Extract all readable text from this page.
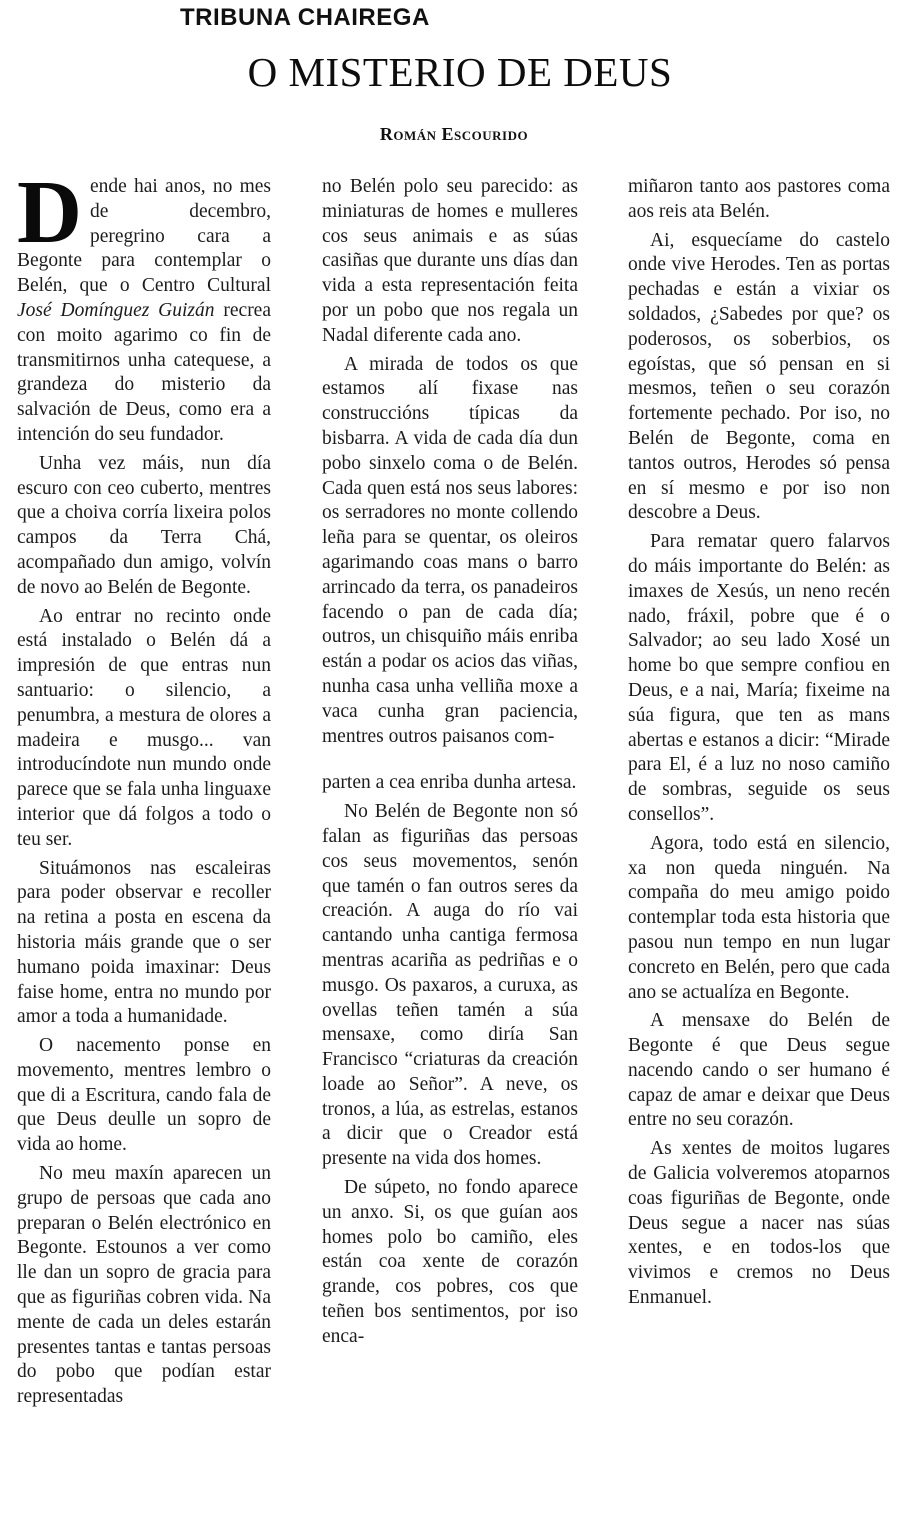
TRIBUNA CHAIREGA
O MISTERIO DE DEUS
Román Escourido

Dende hai anos, no mes de decembro, peregrino cara a Begonte para contemplar o Belén, que o Centro Cultural José Domínguez Guizán recrea con moito agarimo co fin de transmitirnos unha catequese, a grandeza do misterio da salvación de Deus, como era a intención do seu fundador.

Unha vez máis, nun día escuro con ceo cuberto, mentres que a choiva corría lixeira polos campos da Terra Chá, acompañado dun amigo, volvín de novo ao Belén de Begonte.

Ao entrar no recinto onde está instalado o Belén dá a impresión de que entras nun santuario: o silencio, a penumbra, a mestura de olores a madeira e musgo... van introducíndote nun mundo onde parece que se fala unha linguaxe interior que dá folgos a todo o teu ser.

Situámonos nas escaleiras para poder observar e recoller na retina a posta en escena da historia máis grande que o ser humano poida imaxinar: Deus faise home, entra no mundo por amor a toda a humanidade.

O nacemento ponse en movemento, mentres lembro o que di a Escritura, cando fala de que Deus deulle un sopro de vida ao home.

No meu maxín aparecen un grupo de persoas que cada ano preparan o Belén electrónico en Begonte. Estounos a ver como lle dan un sopro de gracia para que as figuriñas cobren vida. Na mente de cada un deles estarán presentes tantas e tantas persoas do pobo que podían estar representadas

no Belén polo seu parecido: as miniaturas de homes e mulleres cos seus animais e as súas casiñas que durante uns días dan vida a esta representación feita por un pobo que nos regala un Nadal diferente cada ano.

A mirada de todos os que estamos alí fixase nas construccións típicas da bisbarra. A vida de cada día dun pobo sinxelo coma o de Belén. Cada quen está nos seus labores: os serradores no monte collendo leña para se quentar, os oleiros agarimando coas mans o barro arrincado da terra, os panadeiros facendo o pan de cada día; outros, un chisquiño máis enriba están a podar os acios das viñas, nunha casa unha velliña moxe a vaca cunha gran paciencia, mentres outros paisanos com-

parten a cea enriba dunha artesa.

No Belén de Begonte non só falan as figuriñas das persoas cos seus movementos, senón que tamén o fan outros seres da creación. A auga do río vai cantando unha cantiga fermosa mentras acariña as pedriñas e o musgo. Os paxaros, a curuxa, as ovellas teñen tamén a súa mensaxe, como diría San Francisco “criaturas da creación loade ao Señor”. A neve, os tronos, a lúa, as estrelas, estanos a dicir que o Creador está presente na vida dos homes.

De súpeto, no fondo aparece un anxo. Si, os que guían aos homes polo bo camiño, eles están coa xente de corazón grande, cos pobres, cos que teñen bos sentimentos, por iso enca-

miñaron tanto aos pastores coma aos reis ata Belén.

Ai, esquecíame do castelo onde vive Herodes. Ten as portas pechadas e están a vixiar os soldados, ¿Sabedes por que? os poderosos, os soberbios, os egoístas, que só pensan en si mesmos, teñen o seu corazón fortemente pechado. Por iso, no Belén de Begonte, coma en tantos outros, Herodes só pensa en sí mesmo e por iso non descobre a Deus.

Para rematar quero falarvos do máis importante do Belén: as imaxes de Xesús, un neno recén nado, fráxil, pobre que é o Salvador; ao seu lado Xosé un home bo que sempre confiou en Deus, e a nai, María; fixeime na súa figura, que ten as mans abertas e estanos a dicir: “Mirade para El, é a luz no noso camiño de sombras, seguide os seus consellos”.

Agora, todo está en silencio, xa non queda ninguén. Na compaña do meu amigo poido contemplar toda esta historia que pasou nun tempo en nun lugar concreto en Belén, pero que cada ano se actualíza en Begonte.

A mensaxe do Belén de Begonte é que Deus segue nacendo cando o ser humano é capaz de amar e deixar que Deus entre no seu corazón.

As xentes de moitos lugares de Galicia volveremos atoparnos coas figuriñas de Begonte, onde Deus segue a nacer nas súas xentes, e en todos-los que vivimos e cremos no Deus Enmanuel.
